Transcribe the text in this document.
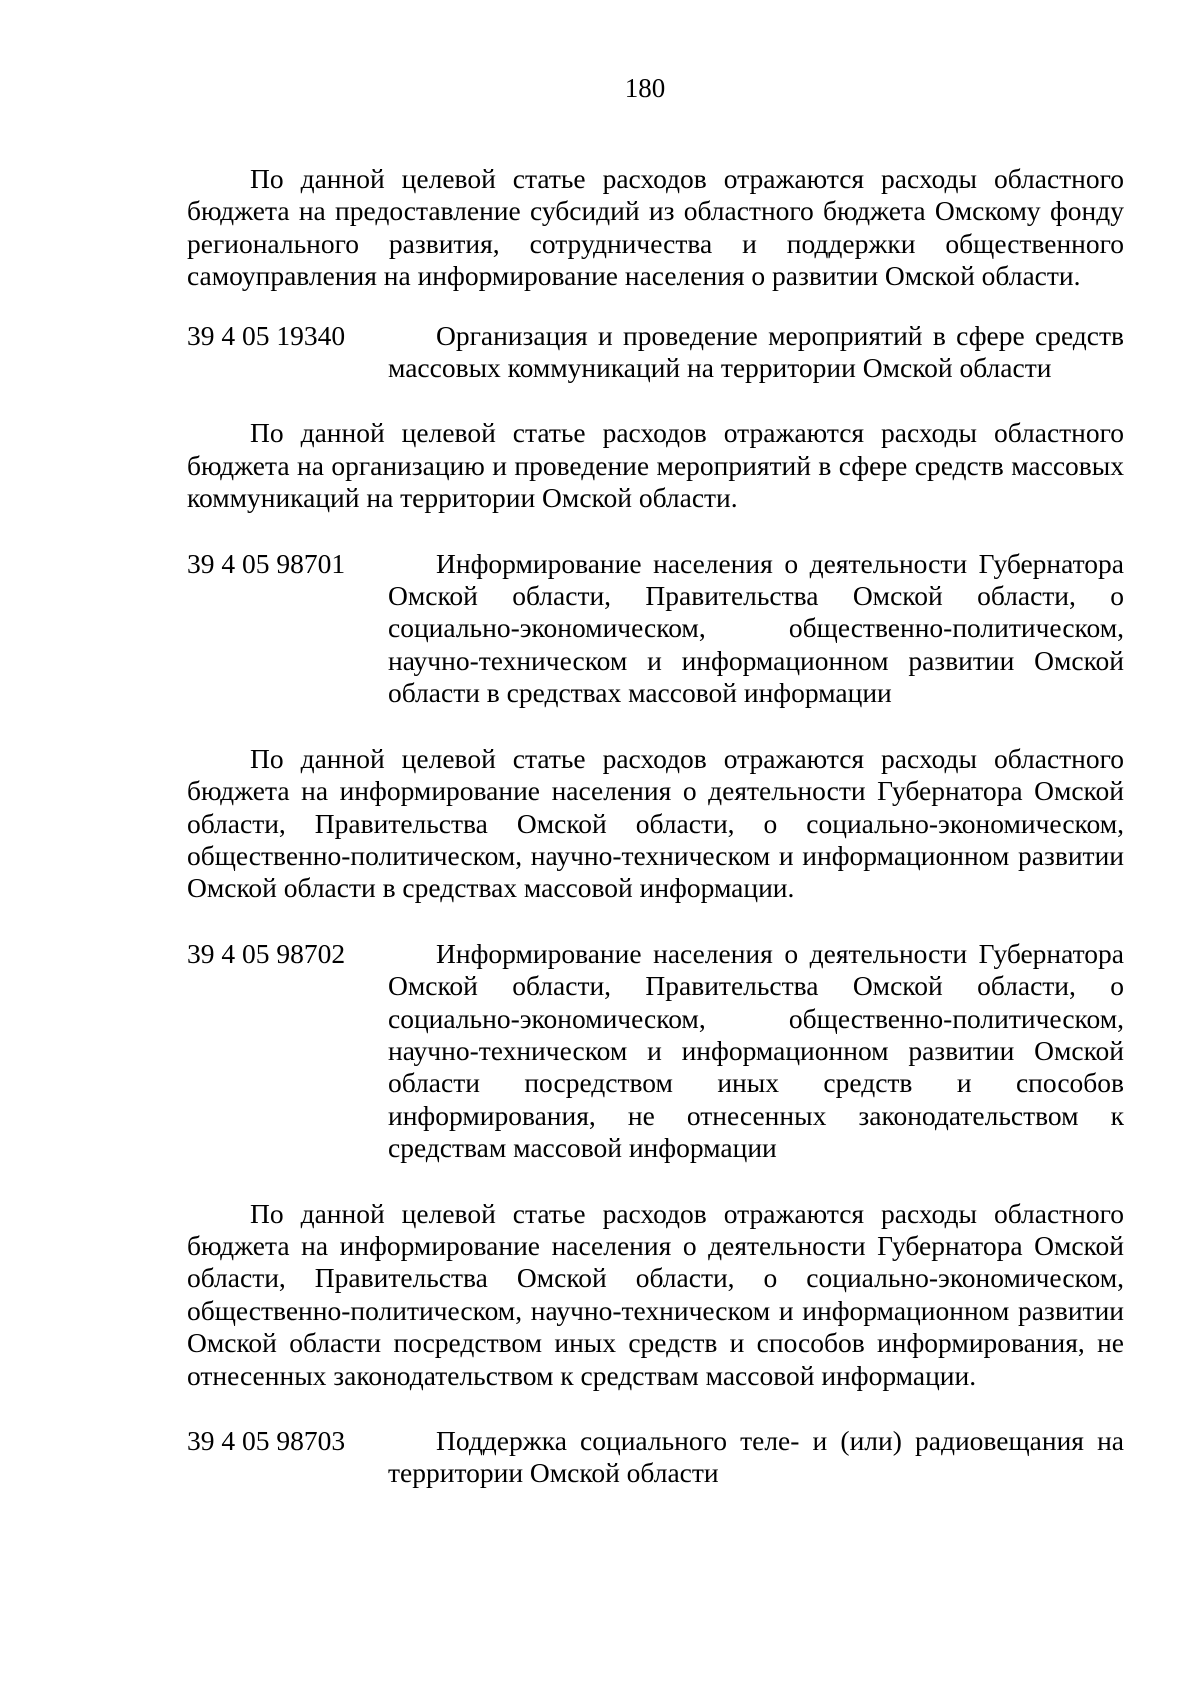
180

По данной целевой статье расходов отражаются расходы областного бюджета на предоставление субсидий из областного бюджета Омскому фонду регионального развития, сотрудничества и поддержки общественного самоуправления на информирование населения о развитии Омской области.

39 4 05 19340	Организация и проведение мероприятий в сфере средств массовых коммуникаций на территории Омской области

По данной целевой статье расходов отражаются расходы областного бюджета на организацию и проведение мероприятий в сфере средств массовых коммуникаций на территории Омской области.

39 4 05 98701	Информирование населения о деятельности Губернатора Омской области, Правительства Омской области, о социально-экономическом, общественно-политическом, научно-техническом и информационном развитии Омской области в средствах массовой информации

По данной целевой статье расходов отражаются расходы областного бюджета на информирование населения о деятельности Губернатора Омской области, Правительства Омской области, о социально-экономическом, общественно-политическом, научно-техническом и информационном развитии Омской области в средствах массовой информации.

39 4 05 98702	Информирование населения о деятельности Губернатора Омской области, Правительства Омской области, о социально-экономическом, общественно-политическом, научно-техническом и информационном развитии Омской области посредством иных средств и способов информирования, не отнесенных законодательством к средствам массовой информации

По данной целевой статье расходов отражаются расходы областного бюджета на информирование населения о деятельности Губернатора Омской области, Правительства Омской области, о социально-экономическом, общественно-политическом, научно-техническом и информационном развитии Омской области посредством иных средств и способов информирования, не отнесенных законодательством к средствам массовой информации.

39 4 05 98703	Поддержка социального теле- и (или) радиовещания на территории Омской области
